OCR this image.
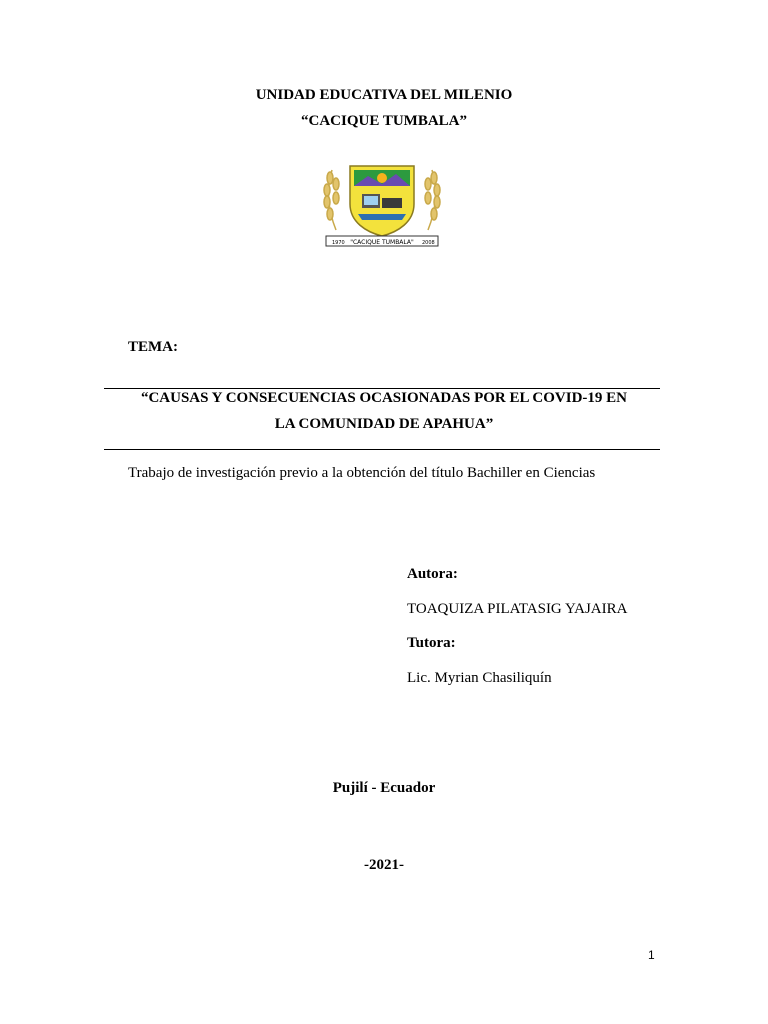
UNIDAD EDUCATIVA DEL MILENIO
“CACIQUE TUMBALA”
"CACIQUE TUMBALA"
1970	2008
TEMA:
“CAUSAS Y CONSECUENCIAS OCASIONADAS POR EL COVID-19 EN
LA COMUNIDAD DE APAHUA”
Trabajo de investigación previo a la obtención del título Bachiller en Ciencias
Autora:
TOAQUIZA PILATASIG YAJAIRA
Tutora:
Lic. Myrian Chasiliquín
Pujilí - Ecuador
-2021-
1
